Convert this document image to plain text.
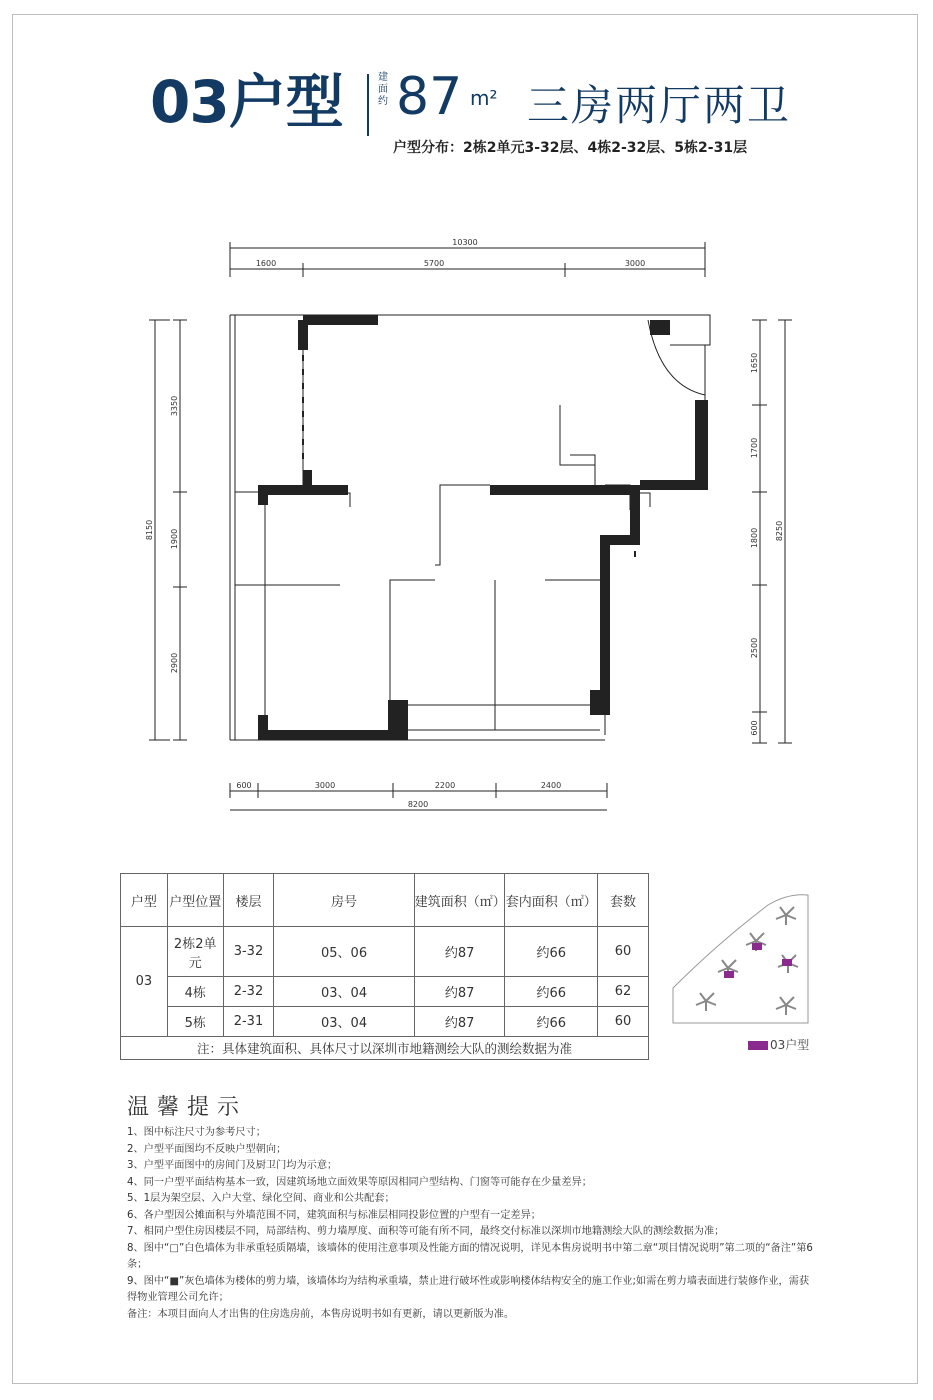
03户型	建面约 87 m² 三房两厅两卫
户型分布：2栋2单元3-32层、4栋2-32层、5栋2-31层
10300
1600	5700	3000
600	3000	2200	2400
8200
8150
3350
1900
2900
1650
1700
1800
2500
600
8250
户型	户型位置	楼层	房号	建筑面积（㎡）	套内面积（㎡）	套数
03	2栋2单元	3-32	05、06	约87	约66	60
	4栋	2-32	03、04	约87	约66	62
	5栋	2-31	03、04	约87	约66	60
注：具体建筑面积、具体尺寸以深圳市地籍测绘大队的测绘数据为准							03户型
温馨提示
1、图中标注尺寸为参考尺寸；
2、户型平面图均不反映户型朝向；
3、户型平面图中的房间门及厨卫门均为示意；
4、同一户型平面结构基本一致，因建筑场地立面效果等原因相同户型结构、门窗等可能存在少量差异；
5、1层为架空层、入户大堂、绿化空间、商业和公共配套；
6、各户型因公摊面积与外墙范围不同，建筑面积与标准层相同投影位置的户型有一定差异；
7、相同户型住房因楼层不同，局部结构、剪力墙厚度、面积等可能有所不同，最终交付标准以深圳市地籍测绘大队的测绘数据为准；
8、图中“□”白色墙体为非承重轻质隔墙，该墙体的使用注意事项及性能方面的情况说明，详见本售房说明书中第二章“项目情况说明”第二项的“备注”第6条；
9、图中“■”灰色墙体为楼体的剪力墙，该墙体均为结构承重墙，禁止进行破坏性或影响楼体结构安全的施工作业;如需在剪力墙表面进行装修作业，需获得物业管理公司允许；
备注：本项目面向人才出售的住房选房前，本售房说明书如有更新，请以更新版为准。
